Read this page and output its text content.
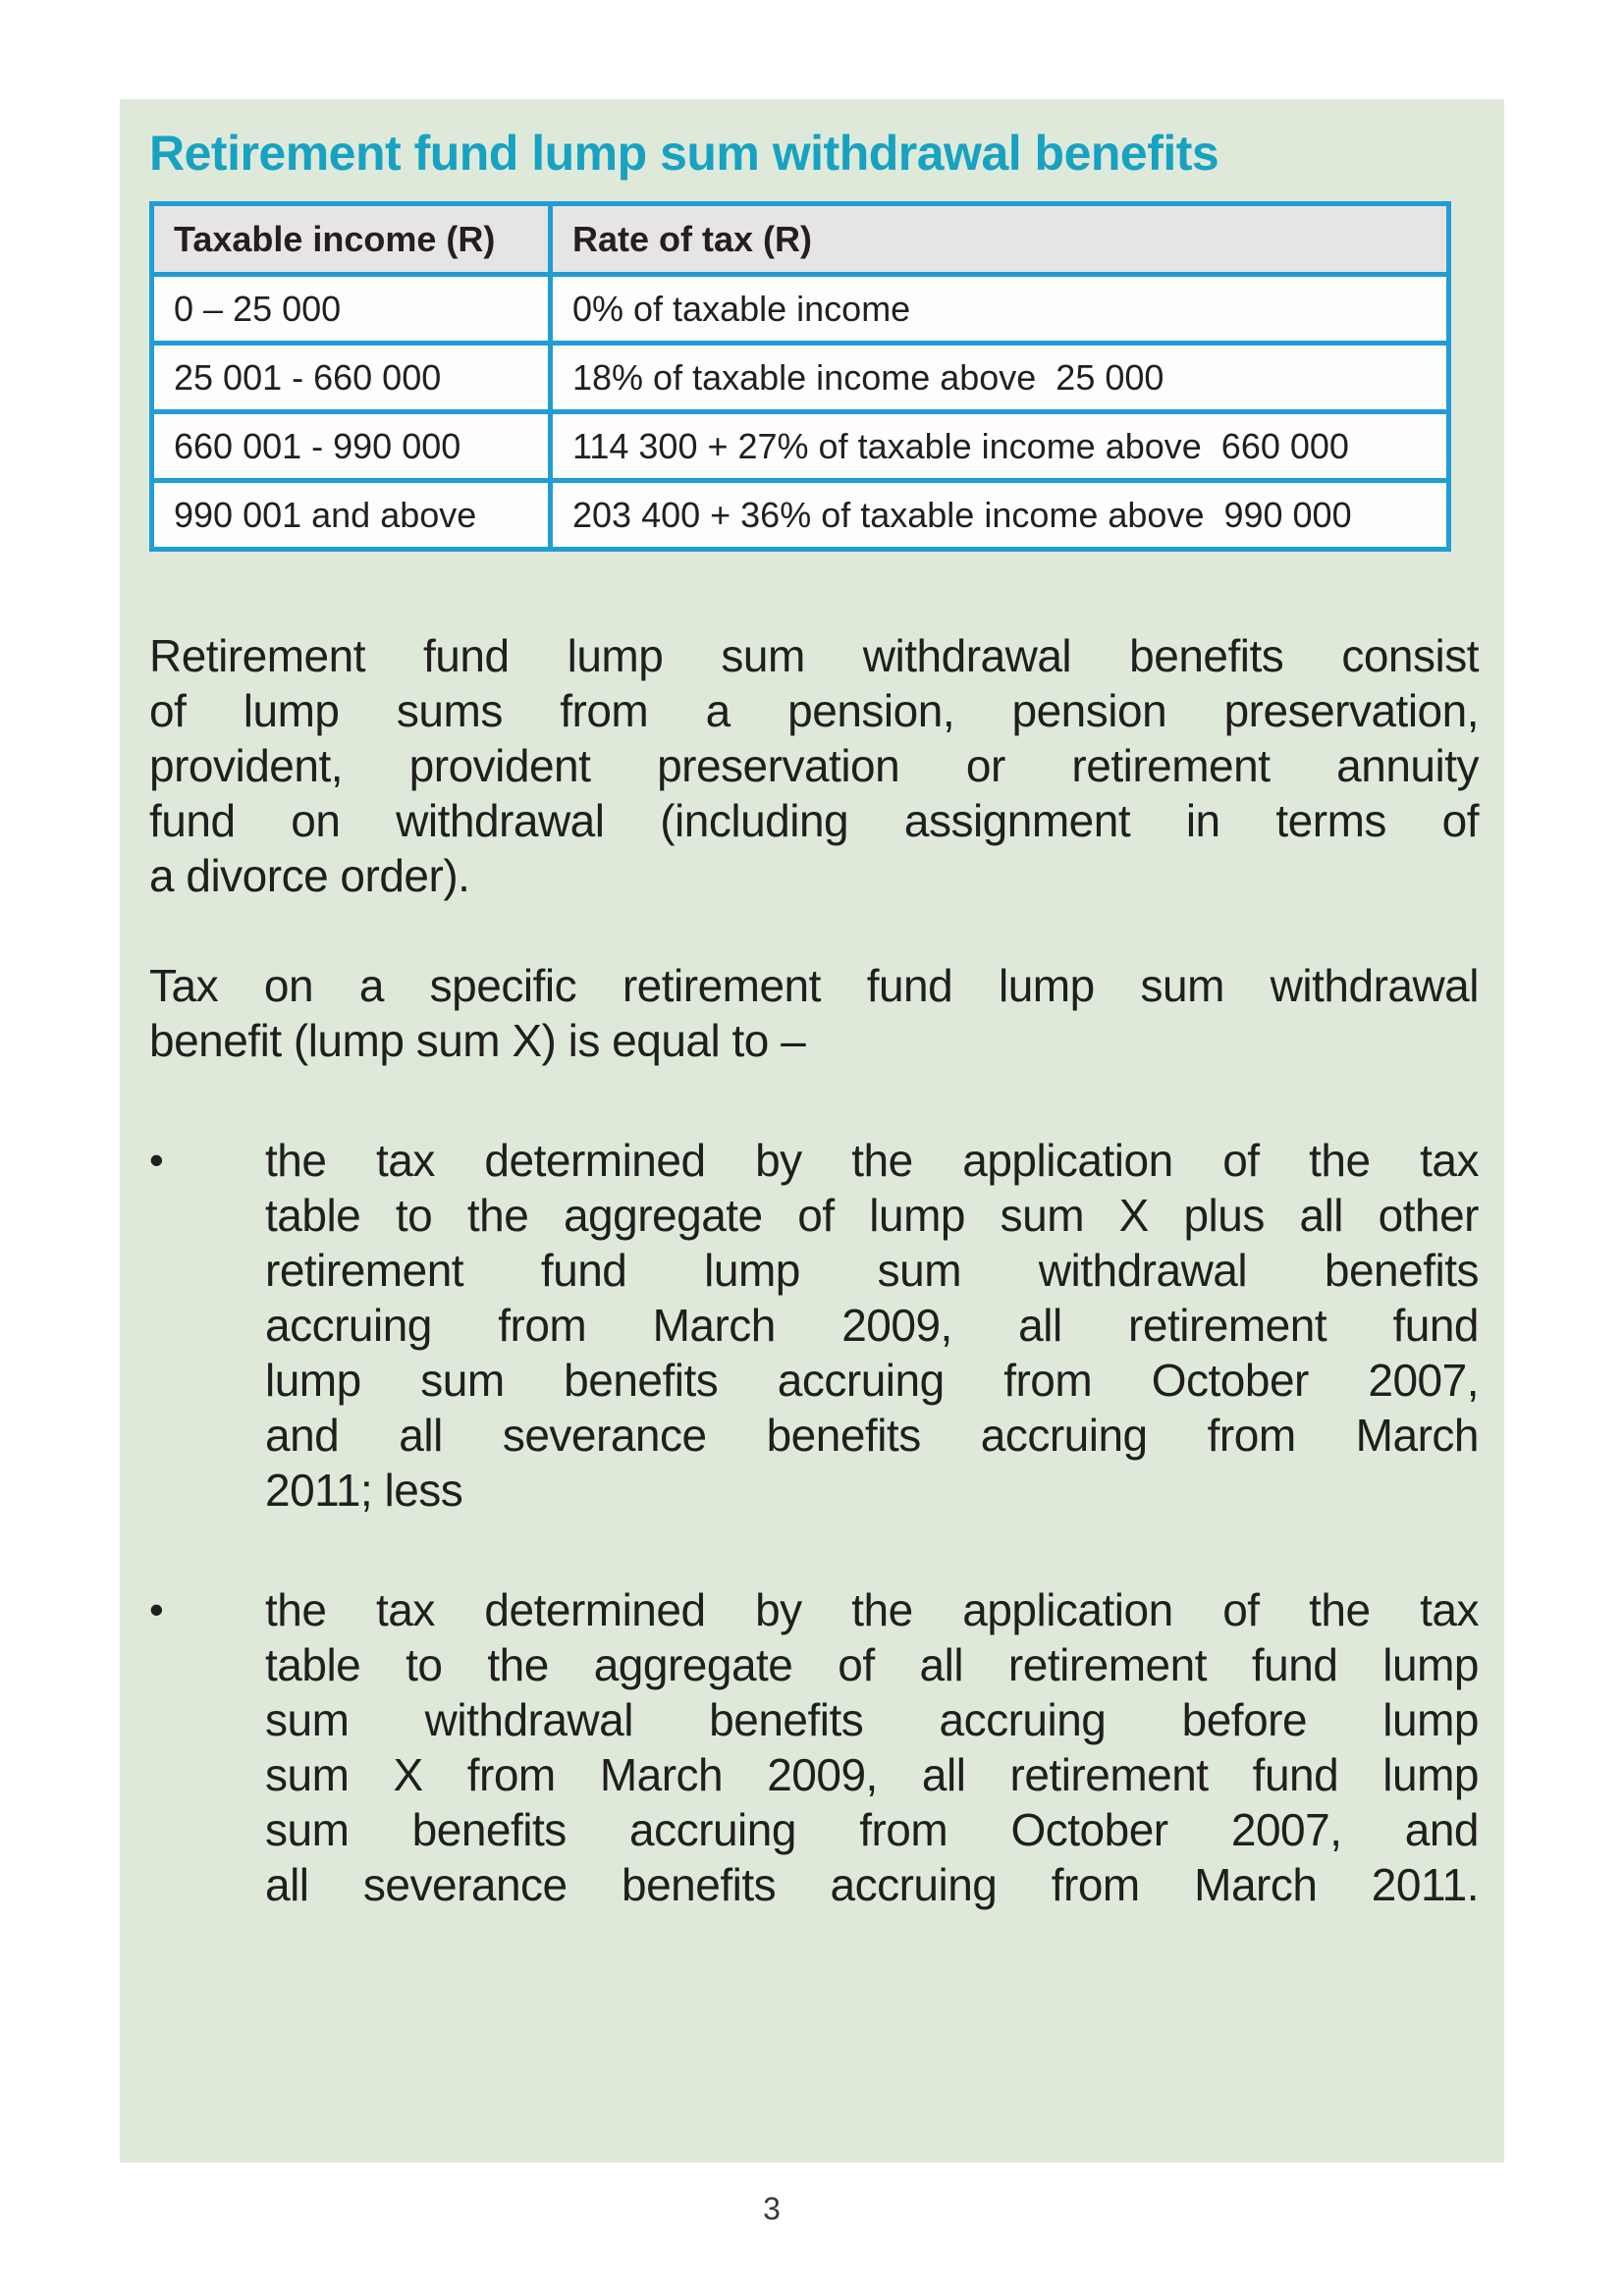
Retirement fund lump sum withdrawal benefits
Taxable income (R)	Rate of tax (R)
0 – 25 000	0% of taxable income
25 001 - 660 000	18% of taxable income above  25 000
660 001 - 990 000	114 300 + 27% of taxable income above  660 000
990 001 and above	203 400 + 36% of taxable income above  990 000
Retirement fund lump sum withdrawal benefits consist
of lump sums from a pension, pension preservation,
provident, provident preservation or retirement annuity
fund on withdrawal (including assignment in terms of
a divorce order).
Tax on a specific retirement fund lump sum withdrawal
benefit (lump sum X) is equal to –
•	the tax determined by the application of the tax
table to the aggregate of lump sum X plus all other
retirement fund lump sum withdrawal benefits
accruing from March 2009, all retirement fund
lump sum benefits accruing from October 2007,
and all severance benefits accruing from March
2011; less
•	the tax determined by the application of the tax
table to the aggregate of all retirement fund lump
sum withdrawal benefits accruing before lump
sum X from March 2009, all retirement fund lump
sum benefits accruing from October 2007, and
all severance benefits accruing from March 2011.
3
